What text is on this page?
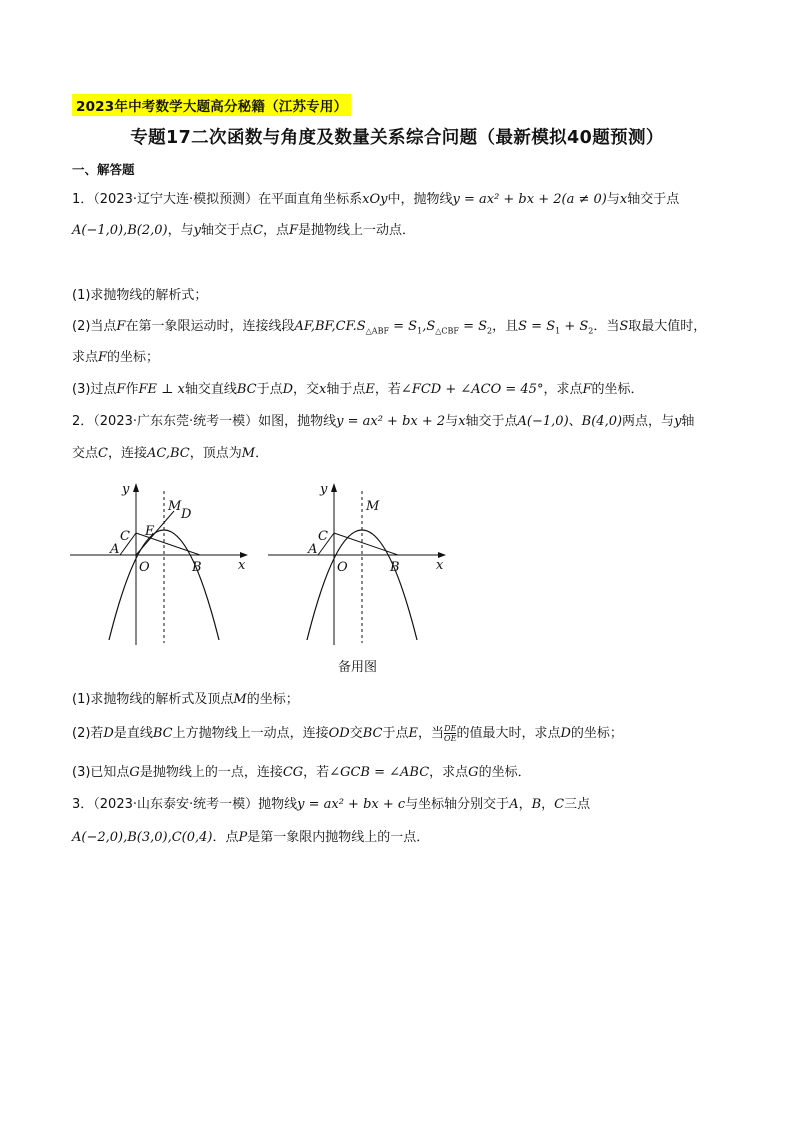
2023年中考数学大题高分秘籍（江苏专用）
专题17二次函数与角度及数量关系综合问题（最新模拟40题预测）
一、解答题
1．（2023·辽宁大连·模拟预测）在平面直角坐标系xOy中，抛物线y = ax² + bx + 2(a ≠ 0)与x轴交于点
A(−1,0),B(2,0)，与y轴交于点C，点F是抛物线上一动点．
(1)求抛物线的解析式；
(2)当点F在第一象限运动时，连接线段$AF,BF,CF.S_{\triangle ABF} = S_1,S_{\triangle CBF} = S_2$，且$S = S_1 + S_2$．当S取最大值时，
求点F的坐标；
(3)过点F作FE ⊥ x轴交直线BC于点D，交x轴于点E，若∠FCD + ∠ACO = 45°，求点F的坐标．
2．（2023·广东东莞·统考一模）如图，抛物线y = ax² + bx + 2与x轴交于点A(−1,0)、B(4,0)两点，与y轴
交点C，连接AC,BC，顶点为M．
y
x
M
D
C E
A
O	B
y
x
M
C
A
O	B
备用图
(1)求抛物线的解析式及顶点M的坐标；
(2)若D是直线BC上方抛物线上一动点，连接OD交BC于点E，当 $\frac{DE}{OE}$ 的值最大时，求点D的坐标；
(3)已知点G是抛物线上的一点，连接CG，若∠GCB = ∠ABC，求点G的坐标．
3．（2023·山东泰安·统考一模）抛物线y = ax² + bx + c与坐标轴分别交于A，B，C三点
A(−2,0),B(3,0),C(0,4)．点P是第一象限内抛物线上的一点．
